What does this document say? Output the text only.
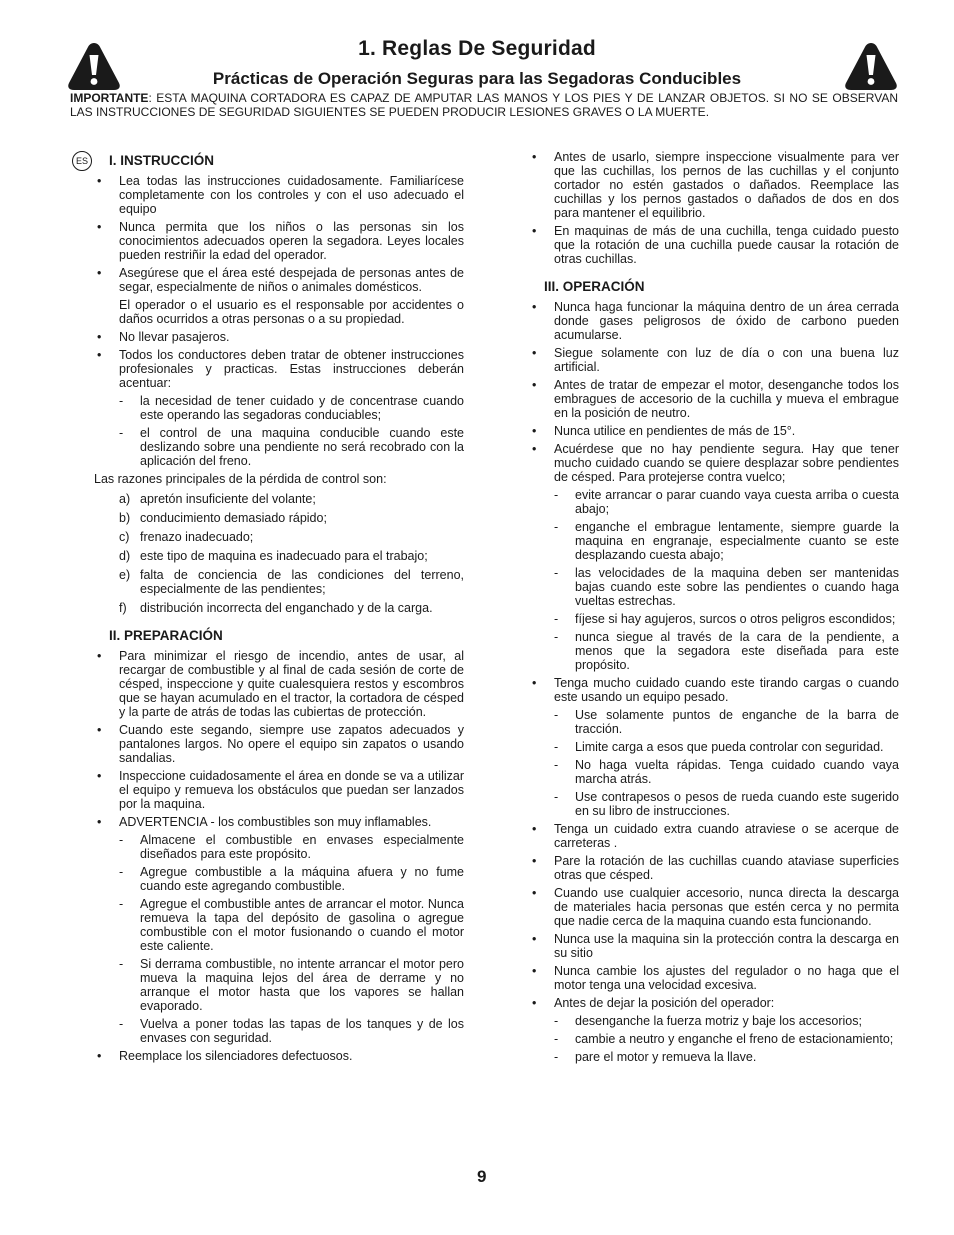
1. Reglas De Seguridad
Prácticas de Operación Seguras para las Segadoras Conducibles
IMPORTANTE: ESTA MAQUINA CORTADORA ES CAPAZ DE AMPUTAR LAS MANOS Y LOS PIES Y DE LANZAR OBJETOS. SI NO SE OBSERVAN LAS INSTRUCCIONES DE SEGURIDAD SIGUIENTES SE PUEDEN PRODUCIR LESIONES GRAVES O LA MUERTE.
ES I. INSTRUCCIÓN
• Lea todas las instrucciones cuidadosamente. Familiarícese completamente con los controles y con el uso adecuado el equipo
• Nunca permita que los niños o las personas sin los conocimientos adecuados operen la segadora. Leyes locales pueden restriñir la edad del operador.
• Asegúrese que el área esté despejada de personas antes de segar, especialmente de niños o animales domésticos.
El operador o el usuario es el responsable por accidentes o daños ocurridos a otras personas o a su propiedad.
• No llevar pasajeros.
• Todos los conductores deben tratar de obtener instrucciones profesionales y practicas. Estas instrucciones deberán acentuar:
- la necesidad de tener cuidado y de concentrase cuando este operando las segadoras conduciables;
- el control de una maquina conducible cuando este deslizando sobre una pendiente no será recobrado con la aplicación del freno.
Las razones principales de la pérdida de control son:
a) apretón insuficiente del volante;
b) conducimiento demasiado rápido;
c) frenazo inadecuado;
d) este tipo de maquina es inadecuado para el trabajo;
e) falta de conciencia de las condiciones del terreno, especialmente de las pendientes;
f) distribución incorrecta del enganchado y de la carga.
II. PREPARACIÓN
• Para minimizar el riesgo de incendio, antes de usar, al recargar de combustible y al final de cada sesión de corte de césped, inspeccione y quite cualesquiera restos y escombros que se hayan acumulado en el tractor, la cortadora de césped y la parte de atrás de todas las cubiertas de protección.
• Cuando este segando, siempre use zapatos adecuados y pantalones largos. No opere el equipo sin zapatos o usando sandalias.
• Inspeccione cuidadosamente el área en donde se va a utilizar el equipo y remueva los obstáculos que puedan ser lanzados por la maquina.
• ADVERTENCIA - los combustibles son muy inflamables.
- Almacene el combustible en envases especialmente diseñados para este propósito.
- Agregue combustible a la máquina afuera y no fume cuando este agregando combustible.
- Agregue el combustible antes de arrancar el motor. Nunca remueva la tapa del depósito de gasolina o agregue combustible con el motor fusionando o cuando el motor este caliente.
- Si derrama combustible, no intente arrancar el motor pero mueva la maquina lejos del área de derrame y no arranque el motor hasta que los vapores se hallan evaporado.
- Vuelva a poner todas las tapas de los tanques y de los envases con seguridad.
• Reemplace los silenciadores defectuosos.
• Antes de usarlo, siempre inspeccione visualmente para ver que las cuchillas, los pernos de las cuchillas y el conjunto cortador no estén gastados o dañados. Reemplace las cuchillas y los pernos gastados o dañados de dos en dos para mantener el equilibrio.
• En maquinas de más de una cuchilla, tenga cuidado puesto que la rotación de una cuchilla puede causar la rotación de otras cuchillas.
III. OPERACIÓN
• Nunca haga funcionar la máquina dentro de un área cerrada donde gases peligrosos de óxido de carbono pueden acumularse.
• Siegue solamente con luz de día o con una buena luz artificial.
• Antes de tratar de empezar el motor, desenganche todos los embragues de accesorio de la cuchilla y mueva el embrague en la posición de neutro.
• Nunca utilice en pendientes de más de 15°.
• Acuérdese que no hay pendiente segura. Hay que tener mucho cuidado cuando se quiere desplazar sobre pendientes de césped. Para protejerse contra vuelco;
- evite arrancar o parar cuando vaya cuesta arriba o cuesta abajo;
- enganche el embrague lentamente, siempre guarde la maquina en engranaje, especialmente cuanto se este desplazando cuesta abajo;
- las velocidades de la maquina deben ser mantenidas bajas cuando este sobre las pendientes o cuando haga vueltas estrechas.
- fíjese si hay agujeros, surcos o otros peligros escondidos;
- nunca siegue al través de la cara de la pendiente, a menos que la segadora este diseñada para este propósito.
• Tenga mucho cuidado cuando este tirando cargas o cuando este usando un equipo pesado.
- Use solamente puntos de enganche de la barra de tracción.
- Limite carga a esos que pueda controlar con seguridad.
- No haga vuelta rápidas. Tenga cuidado cuando vaya marcha atrás.
- Use contrapesos o pesos de rueda cuando este sugerido en su libro de instrucciones.
• Tenga un cuidado extra cuando atraviese o se acerque de carreteras .
• Pare la rotación de las cuchillas cuando ataviase superficies otras que césped.
• Cuando use cualquier accesorio, nunca directa la descarga de materiales hacia personas que estén cerca y no permita que nadie cerca de la maquina cuando esta funcionando.
• Nunca use la maquina sin la protección contra la descarga en su sitio
• Nunca cambie los ajustes del regulador o no haga que el motor tenga una velocidad excesiva.
• Antes de dejar la posición del operador:
- desenganche la fuerza motriz y baje los accesorios;
- cambie a neutro y enganche el freno de estacionamiento;
- pare el motor y remueva la llave.
9
